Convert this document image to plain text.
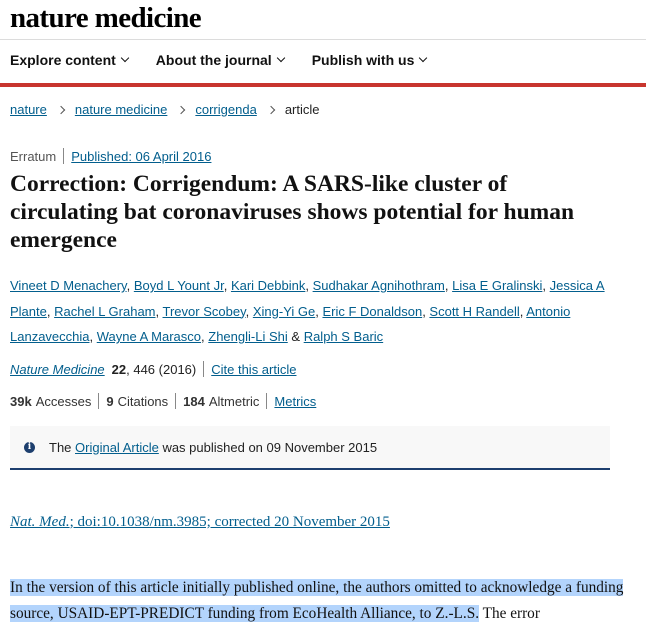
nature medicine
Explore content	About the journal	Publish with us
nature nature medicine corrigenda article
Erratum Published: 06 April 2016
Correction: Corrigendum: A SARS-like cluster of circulating bat coronaviruses shows potential for human emergence
Vineet D Menachery, Boyd L Yount Jr, Kari Debbink, Sudhakar Agnihothram, Lisa E Gralinski, Jessica A Plante, Rachel L Graham, Trevor Scobey, Xing-Yi Ge, Eric F Donaldson, Scott H Randell, Antonio Lanzavecchia, Wayne A Marasco, Zhengli-Li Shi & Ralph S Baric
Nature Medicine 22 , 446 (2016) Cite this article
39k Accesses 9 Citations 184 Altmetric Metrics
i The Original Article was published on 09 November 2015
Nat. Med.; doi:10.1038/nm.3985; corrected 20 November 2015

In the version of this article initially published online, the authors omitted to acknowledge a funding source, USAID-EPT-PREDICT funding from EcoHealth Alliance, to Z.-L.S. The error
